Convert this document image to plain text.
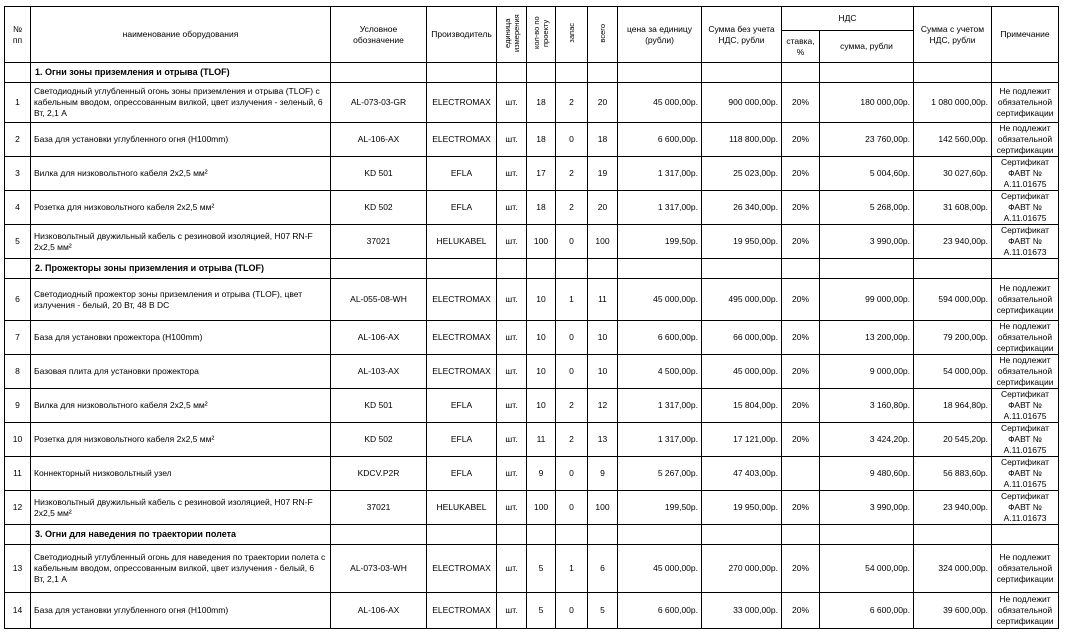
№ пп	наименование оборудования	Условное обозначение	Производитель	единица измерения	кол-во по проекту	запас	всего	цена за единицу (рубли)	Сумма без учета НДС, рубли	НДС		Сумма с учетом НДС, рубли	Примечание
										ставка, %	сумма, рубли		
	1. Огни зоны приземления и отрыва (TLOF)												
1	Светодиодный углубленный огонь зоны приземления и отрыва (TLOF) с кабельным вводом, опрессованным вилкой, цвет излучения - зеленый, 6 Вт, 2,1 А	AL-073-03-GR	ELECTROMAX	шт.	18	2	20	45 000,00р.	900 000,00р.	20%	180 000,00р.	1 080 000,00р.	Не подлежит обязательной сертификации
2	База для установки углубленного огня (H100mm)	AL-106-AX	ELECTROMAX	шт.	18	0	18	6 600,00р.	118 800,00р.	20%	23 760,00р.	142 560,00р.	Не подлежит обязательной сертификации
3	Вилка для низковольтного кабеля 2х2,5 мм²	KD 501	EFLA	шт.	17	2	19	1 317,00р.	25 023,00р.	20%	5 004,60р.	30 027,60р.	Сертификат ФАВТ № А.11.01675
4	Розетка для низковольтного кабеля 2х2,5 мм²	KD 502	EFLA	шт.	18	2	20	1 317,00р.	26 340,00р.	20%	5 268,00р.	31 608,00р.	Сертификат ФАВТ № А.11.01675
5	Низковольтный двужильный кабель с резиновой изоляцией, H07 RN-F 2х2,5 мм²	37021	HELUKABEL	шт.	100	0	100	199,50р.	19 950,00р.	20%	3 990,00р.	23 940,00р.	Сертификат ФАВТ № А.11.01673
	2. Прожекторы зоны приземления и отрыва (TLOF)												
6	Светодиодный прожектор зоны приземления и отрыва (TLOF), цвет излучения - белый, 20 Вт, 48 В DC	AL-055-08-WH	ELECTROMAX	шт.	10	1	11	45 000,00р.	495 000,00р.	20%	99 000,00р.	594 000,00р.	Не подлежит обязательной сертификации
7	База для установки прожектора (H100mm)	AL-106-AX	ELECTROMAX	шт.	10	0	10	6 600,00р.	66 000,00р.	20%	13 200,00р.	79 200,00р.	Не подлежит обязательной сертификации
8	Базовая плита для установки прожектора	AL-103-AX	ELECTROMAX	шт.	10	0	10	4 500,00р.	45 000,00р.	20%	9 000,00р.	54 000,00р.	Не подлежит обязательной сертификации
9	Вилка для низковольтного кабеля 2х2,5 мм²	KD 501	EFLA	шт.	10	2	12	1 317,00р.	15 804,00р.	20%	3 160,80р.	18 964,80р.	Сертификат ФАВТ № А.11.01675
10	Розетка для низковольтного кабеля 2х2,5 мм²	KD 502	EFLA	шт.	11	2	13	1 317,00р.	17 121,00р.	20%	3 424,20р.	20 545,20р.	Сертификат ФАВТ № А.11.01675
11	Коннекторный низковольтный узел	KDCV.P2R	EFLA	шт.	9	0	9	5 267,00р.	47 403,00р.		9 480,60р.	56 883,60р.	Сертификат ФАВТ № А.11.01675
12	Низковольтный двужильный кабель с резиновой изоляцией, H07 RN-F 2х2,5 мм²	37021	HELUKABEL	шт.	100	0	100	199,50р.	19 950,00р.	20%	3 990,00р.	23 940,00р.	Сертификат ФАВТ № А.11.01673
	3. Огни для наведения по траектории полета												
13	Светодиодный углубленный огонь для наведения по траектории полета с кабельным вводом, опрессованным вилкой, цвет излучения - белый, 6 Вт, 2,1 А	AL-073-03-WH	ELECTROMAX	шт.	5	1	6	45 000,00р.	270 000,00р.	20%	54 000,00р.	324 000,00р.	Не подлежит обязательной сертификации
14	База для установки углубленного огня (H100mm)	AL-106-AX	ELECTROMAX	шт.	5	0	5	6 600,00р.	33 000,00р.	20%	6 600,00р.	39 600,00р.	Не подлежит обязательной сертификации
